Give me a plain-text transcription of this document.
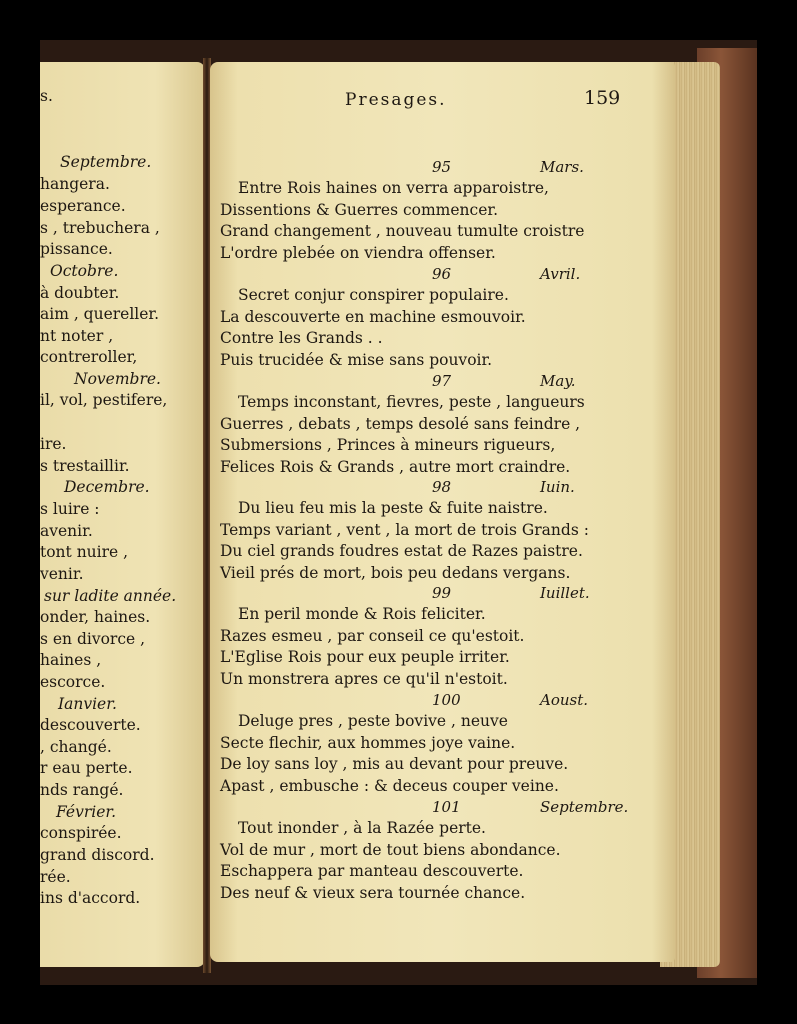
s.
Septembre.
hangera.
esperance.
s , trebuchera ,
pissance.
Octobre.
à doubter.
aim , quereller.
nt noter ,
contreroller,
Novembre.
il, vol, pestifere,
ire.
s trestaillir.
Decembre.
s luire :
avenir.
tont nuire ,
venir.
sur ladite année.
onder, haines.
s en divorce ,
haines ,
escorce.
Ianvier.
descouverte.
, changé.
r eau perte.
nds rangé.
Février.
conspirée.
grand discord.
rée.
ins d'accord.
Presages.	159
95	Mars.
Entre Rois haines on verra apparoistre,
Dissentions & Guerres commencer.
Grand changement , nouveau tumulte croistre
L'ordre plebée on viendra offenser.
96	Avril.
Secret conjur conspirer populaire.
La descouverte en machine esmouvoir.
Contre les Grands . .
Puis trucidée & mise sans pouvoir.
97	May.
Temps inconstant, fievres, peste , langueurs
Guerres , debats , temps desolé sans feindre ,
Submersions , Princes à mineurs rigueurs,
Felices Rois & Grands , autre mort craindre.
98	Iuin.
Du lieu feu mis la peste & fuite naistre.
Temps variant , vent , la mort de trois Grands :
Du ciel grands foudres estat de Razes paistre.
Vieil prés de mort, bois peu dedans vergans.
99	Iuillet.
En peril monde & Rois feliciter.
Razes esmeu , par conseil ce qu'estoit.
L'Eglise Rois pour eux peuple irriter.
Un monstrera apres ce qu'il n'estoit.
100	Aoust.
Deluge pres , peste bovive , neuve
Secte flechir, aux hommes joye vaine.
De loy sans loy , mis au devant pour preuve.
Apast , embusche : & deceus couper veine.
101	Septembre.
Tout inonder , à la Razée perte.
Vol de mur , mort de tout biens abondance.
Eschappera par manteau descouverte.
Des neuf & vieux sera tournée chance.
